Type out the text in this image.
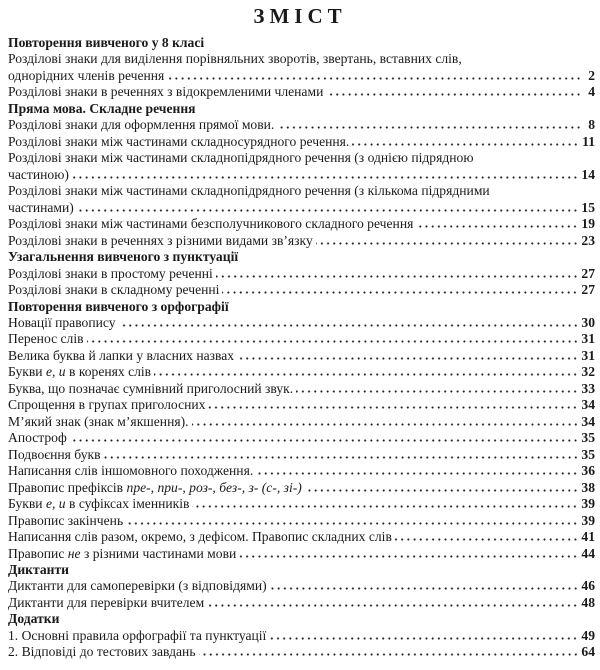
ЗМІСТ
Повторення вивченого у 8 класі
Розділові знаки для виділення порівняльних зворотів, звертань, вставних слів,
однорідних членів речення	2
Розділові знаки в реченнях з відокремленими членами	4
Пряма мова. Складне речення
Розділові знаки для оформлення прямої мови.	8
Розділові знаки між частинами складносурядного речення.	11
Розділові знаки між частинами складнопідрядного речення (з однією підрядною
частиною)	14
Розділові знаки між частинами складнопідрядного речення (з кількома підрядними
частинами)	15
Розділові знаки між частинами безсполучникового складного речення	19
Розділові знаки в реченнях з різними видами зв’язку	23
Узагальнення вивченого з пунктуації
Розділові знаки в простому реченні	27
Розділові знаки в складному реченні	27
Повторення вивченого з орфографії
Новації правопису	30
Перенос слів	31
Велика буква й лапки у власних назвах	31
Букви е, и в коренях слів	32
Буква, що позначає сумнівний приголосний звук.	33
Спрощення в групах приголосних	34
М’який знак (знак м’якшення).	34
Апостроф	35
Подвоєння букв	35
Написання слів іншомовного походження.	36
Правопис префіксів пре-, при-, роз-, без-, з- (с-, зі-)	38
Букви е, и в суфіксах іменників	39
Правопис закінчень	39
Написання слів разом, окремо, з дефісом. Правопис складних слів	41
Правопис не з різними частинами мови	44
Диктанти
Диктанти для самоперевірки (з відповідями)	46
Диктанти для перевірки вчителем	48
Додатки
1. Основні правила орфографії та пунктуації	49
2. Відповіді до тестових завдань	64
